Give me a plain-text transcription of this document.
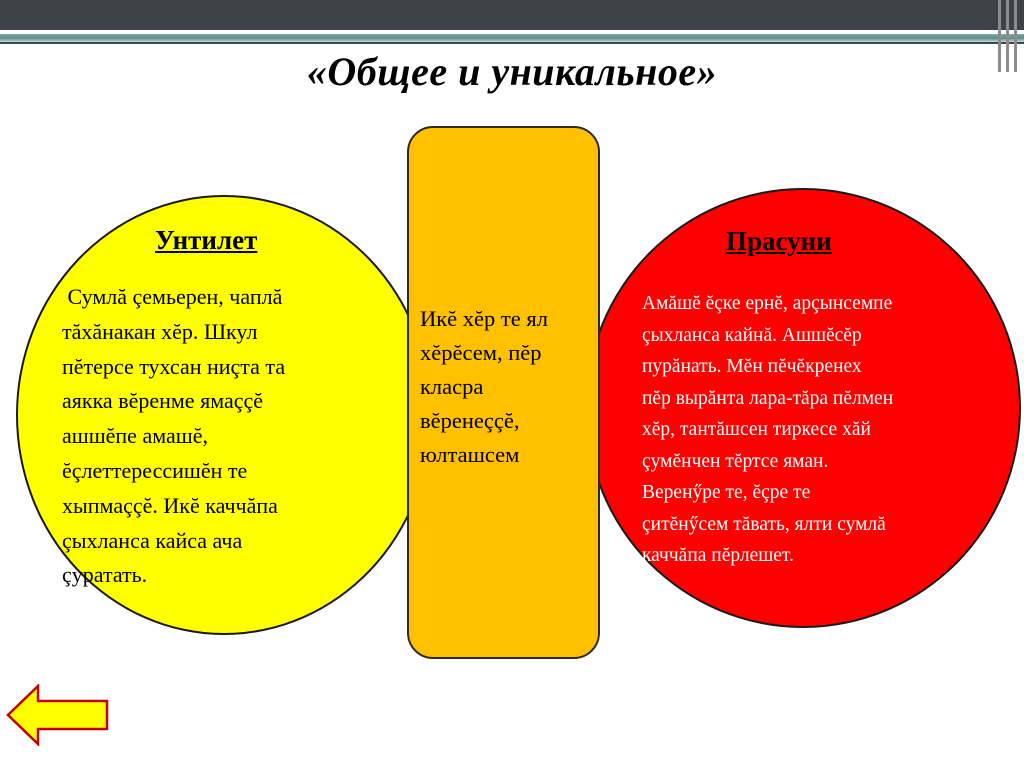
«Общее и уникальное»
Унтилет
Сумлă çемьерен, чаплă
тăхăнакан хĕр. Шкул
пĕтерсе тухсан ниçта та
аякка вĕренме ямаççĕ
ашшĕпе амашĕ,
ĕçлеттерессишĕн те
хыпмаççĕ. Икĕ каччăпа
çыхланса кайса ача
çуратать.
Икĕ хĕр те ял
хĕрĕсем, пĕр
класра
вĕренеççĕ,
юлташсем
Прасуни
Амăшĕ ĕçке ернĕ, арçынсемпе
çыхланса кайнă. Ашшĕсĕр
пурăнать. Мĕн пĕчĕкренех
пĕр вырăнта лара-тăра пĕлмен
хĕр, тантăшсен тиркесе хăй
çумĕнчен тĕртсе яман.
Веренӳре те, ĕçре те
çитĕнӳсем тăвать, ялти сумлă
каччăпа пĕрлешет.
